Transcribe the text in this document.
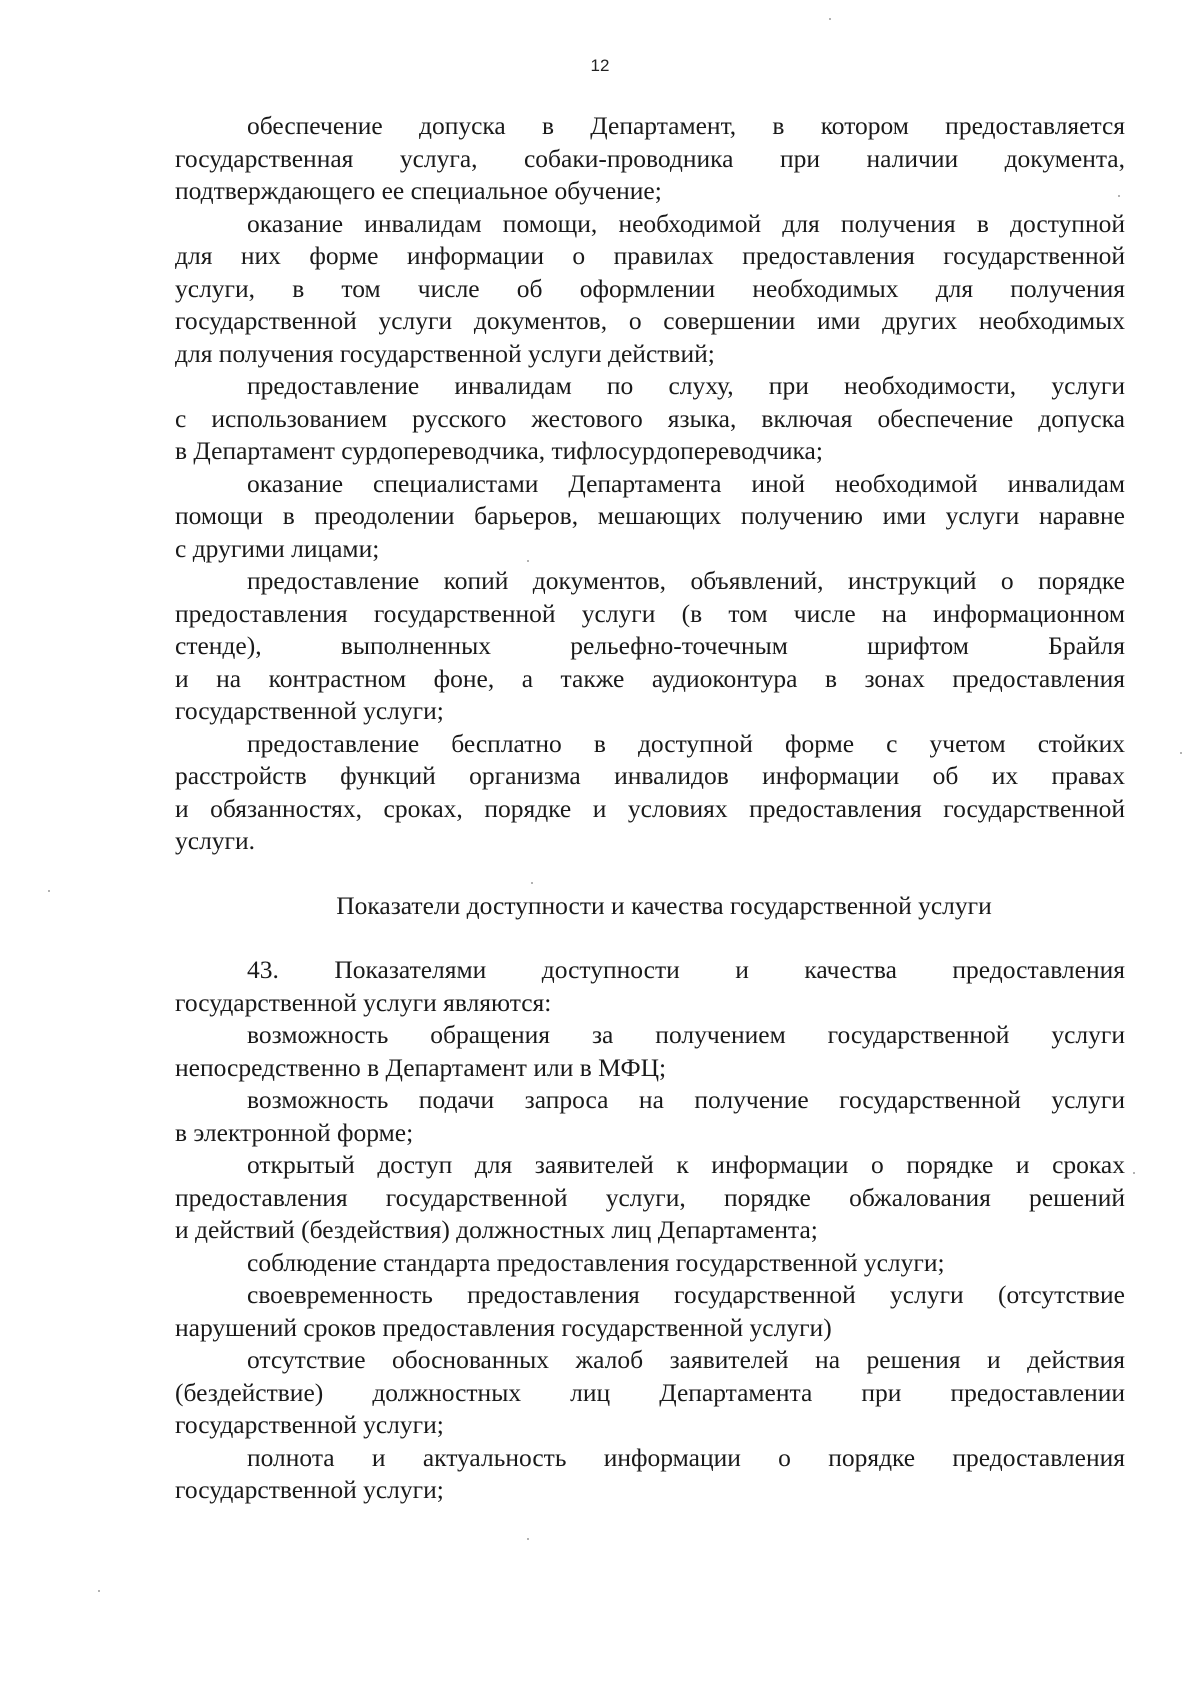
12
обеспечение допуска в Департамент, в котором предоставляется
государственная услуга, собаки-проводника при наличии документа,
подтверждающего ее специальное обучение;
оказание инвалидам помощи, необходимой для получения в доступной
для них форме информации о правилах предоставления государственной
услуги, в том числе об оформлении необходимых для получения
государственной услуги документов, о совершении ими других необходимых
для получения государственной услуги действий;
предоставление инвалидам по слуху, при необходимости, услуги
с использованием русского жестового языка, включая обеспечение допуска
в Департамент сурдопереводчика, тифлосурдопереводчика;
оказание специалистами Департамента иной необходимой инвалидам
помощи в преодолении барьеров, мешающих получению ими услуги наравне
с другими лицами;
предоставление копий документов, объявлений, инструкций о порядке
предоставления государственной услуги (в том числе на информационном
стенде), выполненных рельефно-точечным шрифтом Брайля
и на контрастном фоне, а также аудиоконтура в зонах предоставления
государственной услуги;
предоставление бесплатно в доступной форме с учетом стойких
расстройств функций организма инвалидов информации об их правах
и обязанностях, сроках, порядке и условиях предоставления государственной
услуги.
Показатели доступности и качества государственной услуги
43. Показателями доступности и качества предоставления
государственной услуги являются:
возможность обращения за получением государственной услуги
непосредственно в Департамент или в МФЦ;
возможность подачи запроса на получение государственной услуги
в электронной форме;
открытый доступ для заявителей к информации о порядке и сроках
предоставления государственной услуги, порядке обжалования решений
и действий (бездействия) должностных лиц Департамента;
соблюдение стандарта предоставления государственной услуги;
своевременность предоставления государственной услуги (отсутствие
нарушений сроков предоставления государственной услуги)
отсутствие обоснованных жалоб заявителей на решения и действия
(бездействие) должностных лиц Департамента при предоставлении
государственной услуги;
полнота и актуальность информации о порядке предоставления
государственной услуги;
